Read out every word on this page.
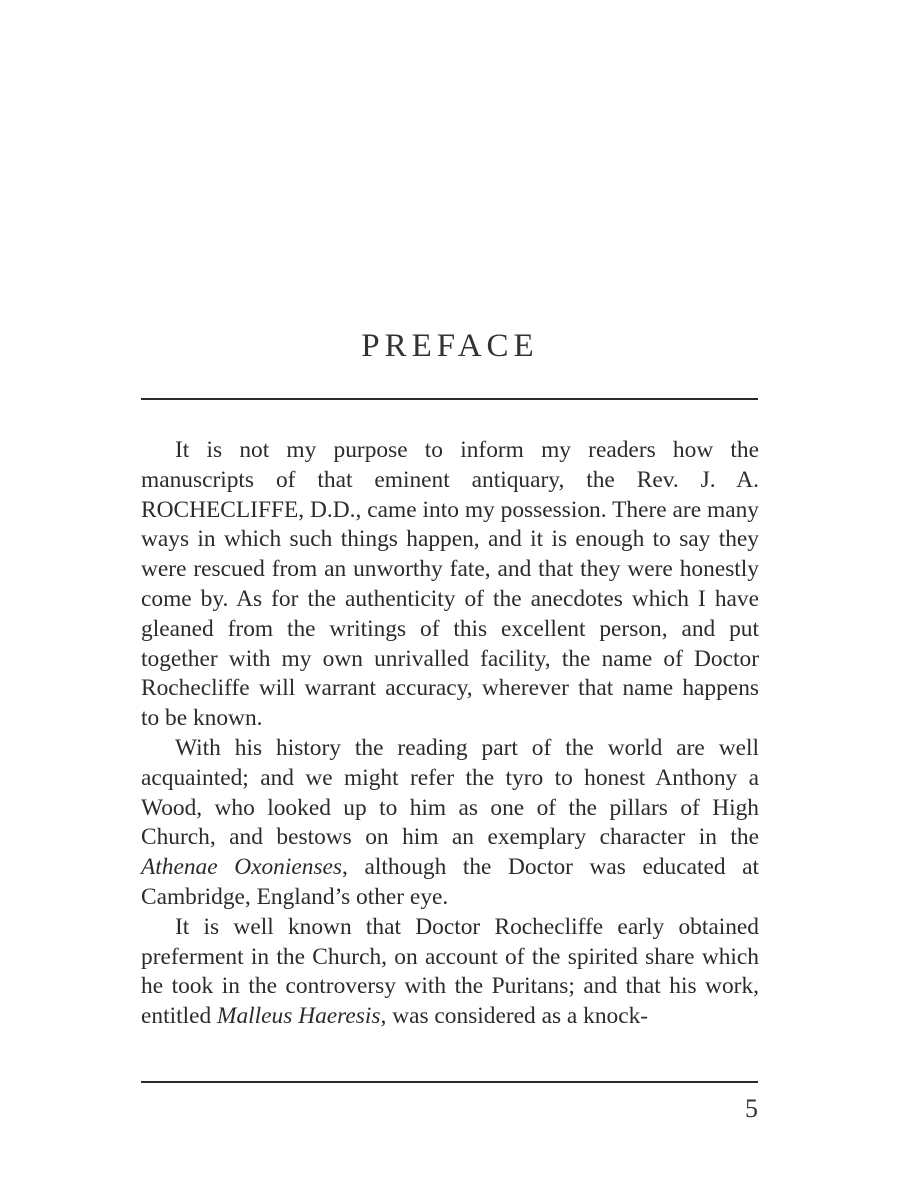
PREFACE

It is not my purpose to inform my readers how the manuscripts of that eminent antiquary, the Rev. J. A. ROCHECLIFFE, D.D., came into my possession. There are many ways in which such things happen, and it is enough to say they were rescued from an unworthy fate, and that they were honestly come by. As for the authenticity of the anecdotes which I have gleaned from the writings of this excellent person, and put together with my own unrivalled facility, the name of Doctor Rochecliffe will warrant accuracy, wherever that name happens to be known.

With his history the reading part of the world are well acquainted; and we might refer the tyro to honest Anthony a Wood, who looked up to him as one of the pillars of High Church, and bestows on him an exemplary character in the Athenae Oxonienses, although the Doctor was educated at Cambridge, England’s other eye.

It is well known that Doctor Rochecliffe early obtained preferment in the Church, on account of the spirited share which he took in the controversy with the Puritans; and that his work, entitled Malleus Haeresis, was considered as a knock-

5
